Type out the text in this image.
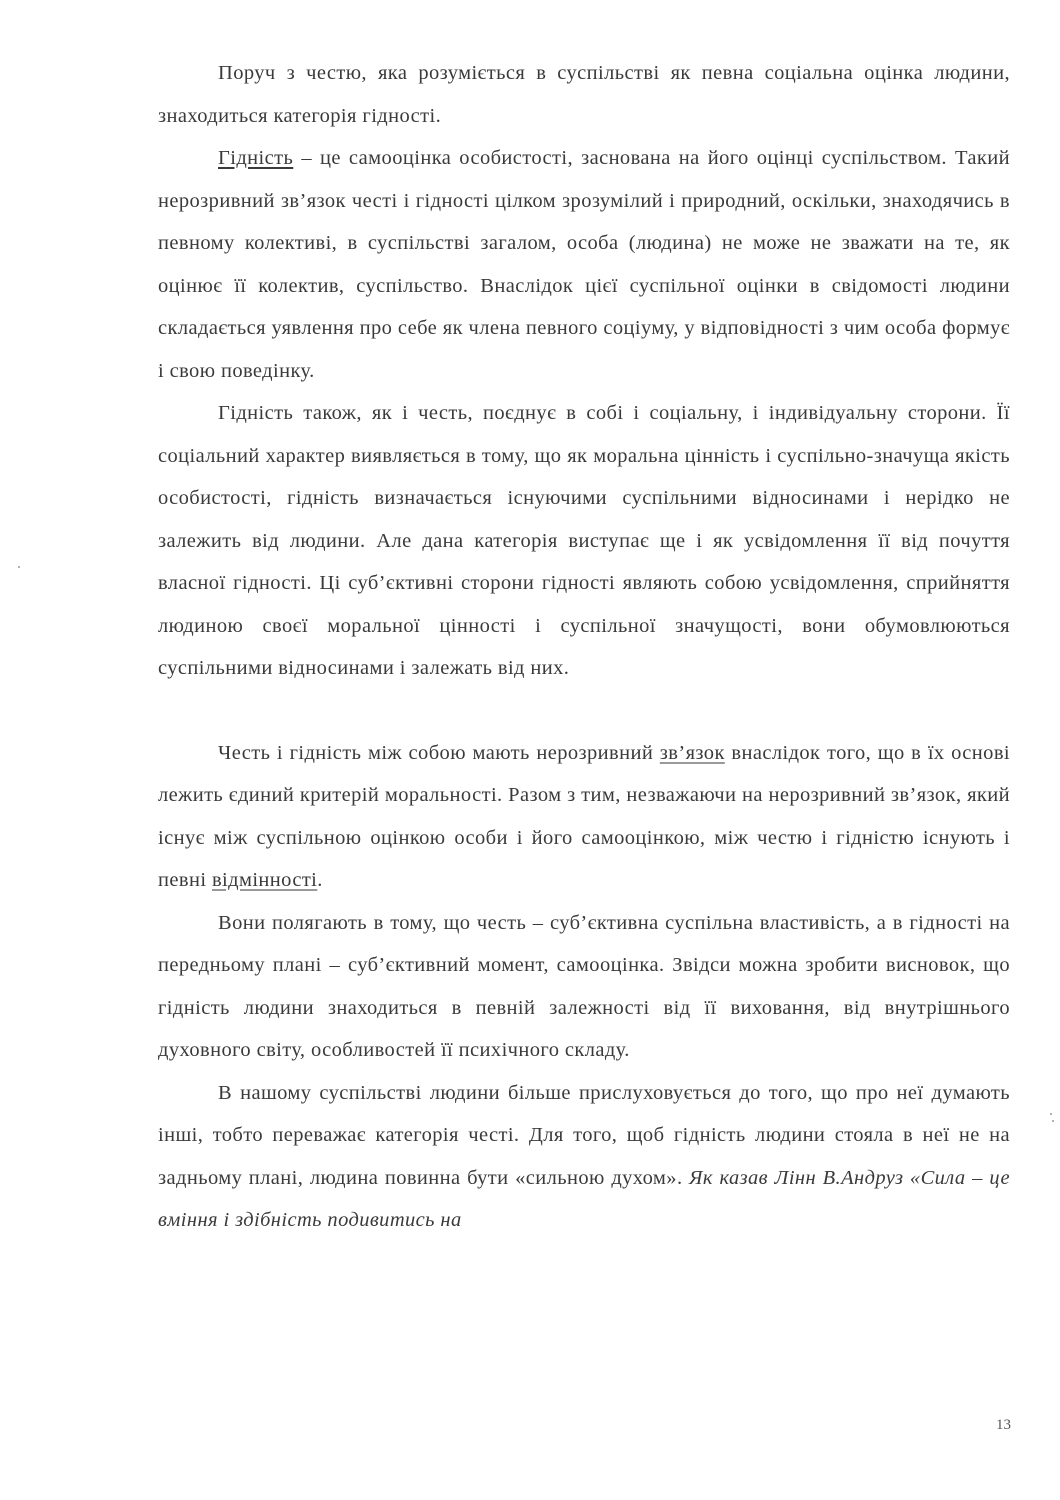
Поруч з честю, яка розуміється в суспільстві як певна соціальна оцінка людини, знаходиться категорія гідності.

Гідність – це самооцінка особистості, заснована на його оцінці суспільством. Такий нерозривний зв’язок честі і гідності цілком зрозумілий і природний, оскільки, знаходячись в певному колективі, в суспільстві загалом, особа (людина) не може не зважати на те, як оцінює її колектив, суспільство. Внаслідок цієї суспільної оцінки в свідомості людини складається уявлення про себе як члена певного соціуму, у відповідності з чим особа формує і свою поведінку.

Гідність також, як і честь, поєднує в собі і соціальну, і індивідуальну сторони. Її соціальний характер виявляється в тому, що як моральна цінність і суспільно-значуща якість особистості, гідність визначається існуючими суспільними відносинами і нерідко не залежить від людини. Але дана категорія виступає ще і як усвідомлення її від почуття власної гідності. Ці суб’єктивні сторони гідності являють собою усвідомлення, сприйняття людиною своєї моральної цінності і суспільної значущості, вони обумовлюються суспільними відносинами і залежать від них.

Честь і гідність між собою мають нерозривний зв’язок внаслідок того, що в їх основі лежить єдиний критерій моральності. Разом з тим, незважаючи на нерозривний зв’язок, який існує між суспільною оцінкою особи і його самооцінкою, між честю і гідністю існують і певні відмінності.

Вони полягають в тому, що честь – суб’єктивна суспільна властивість, а в гідності на передньому плані – суб’єктивний момент, самооцінка. Звідси можна зробити висновок, що гідність людини знаходиться в певній залежності від її виховання, від внутрішнього духовного світу, особливостей її психічного складу.

В нашому суспільстві людини більше прислуховується до того, що про неї думають інші, тобто переважає категорія честі. Для того, щоб гідність людини стояла в неї не на задньому плані, людина повинна бути «сильною духом». Як казав Лінн В.Андруз «Сила – це вміння і здібність подивитись на

13
